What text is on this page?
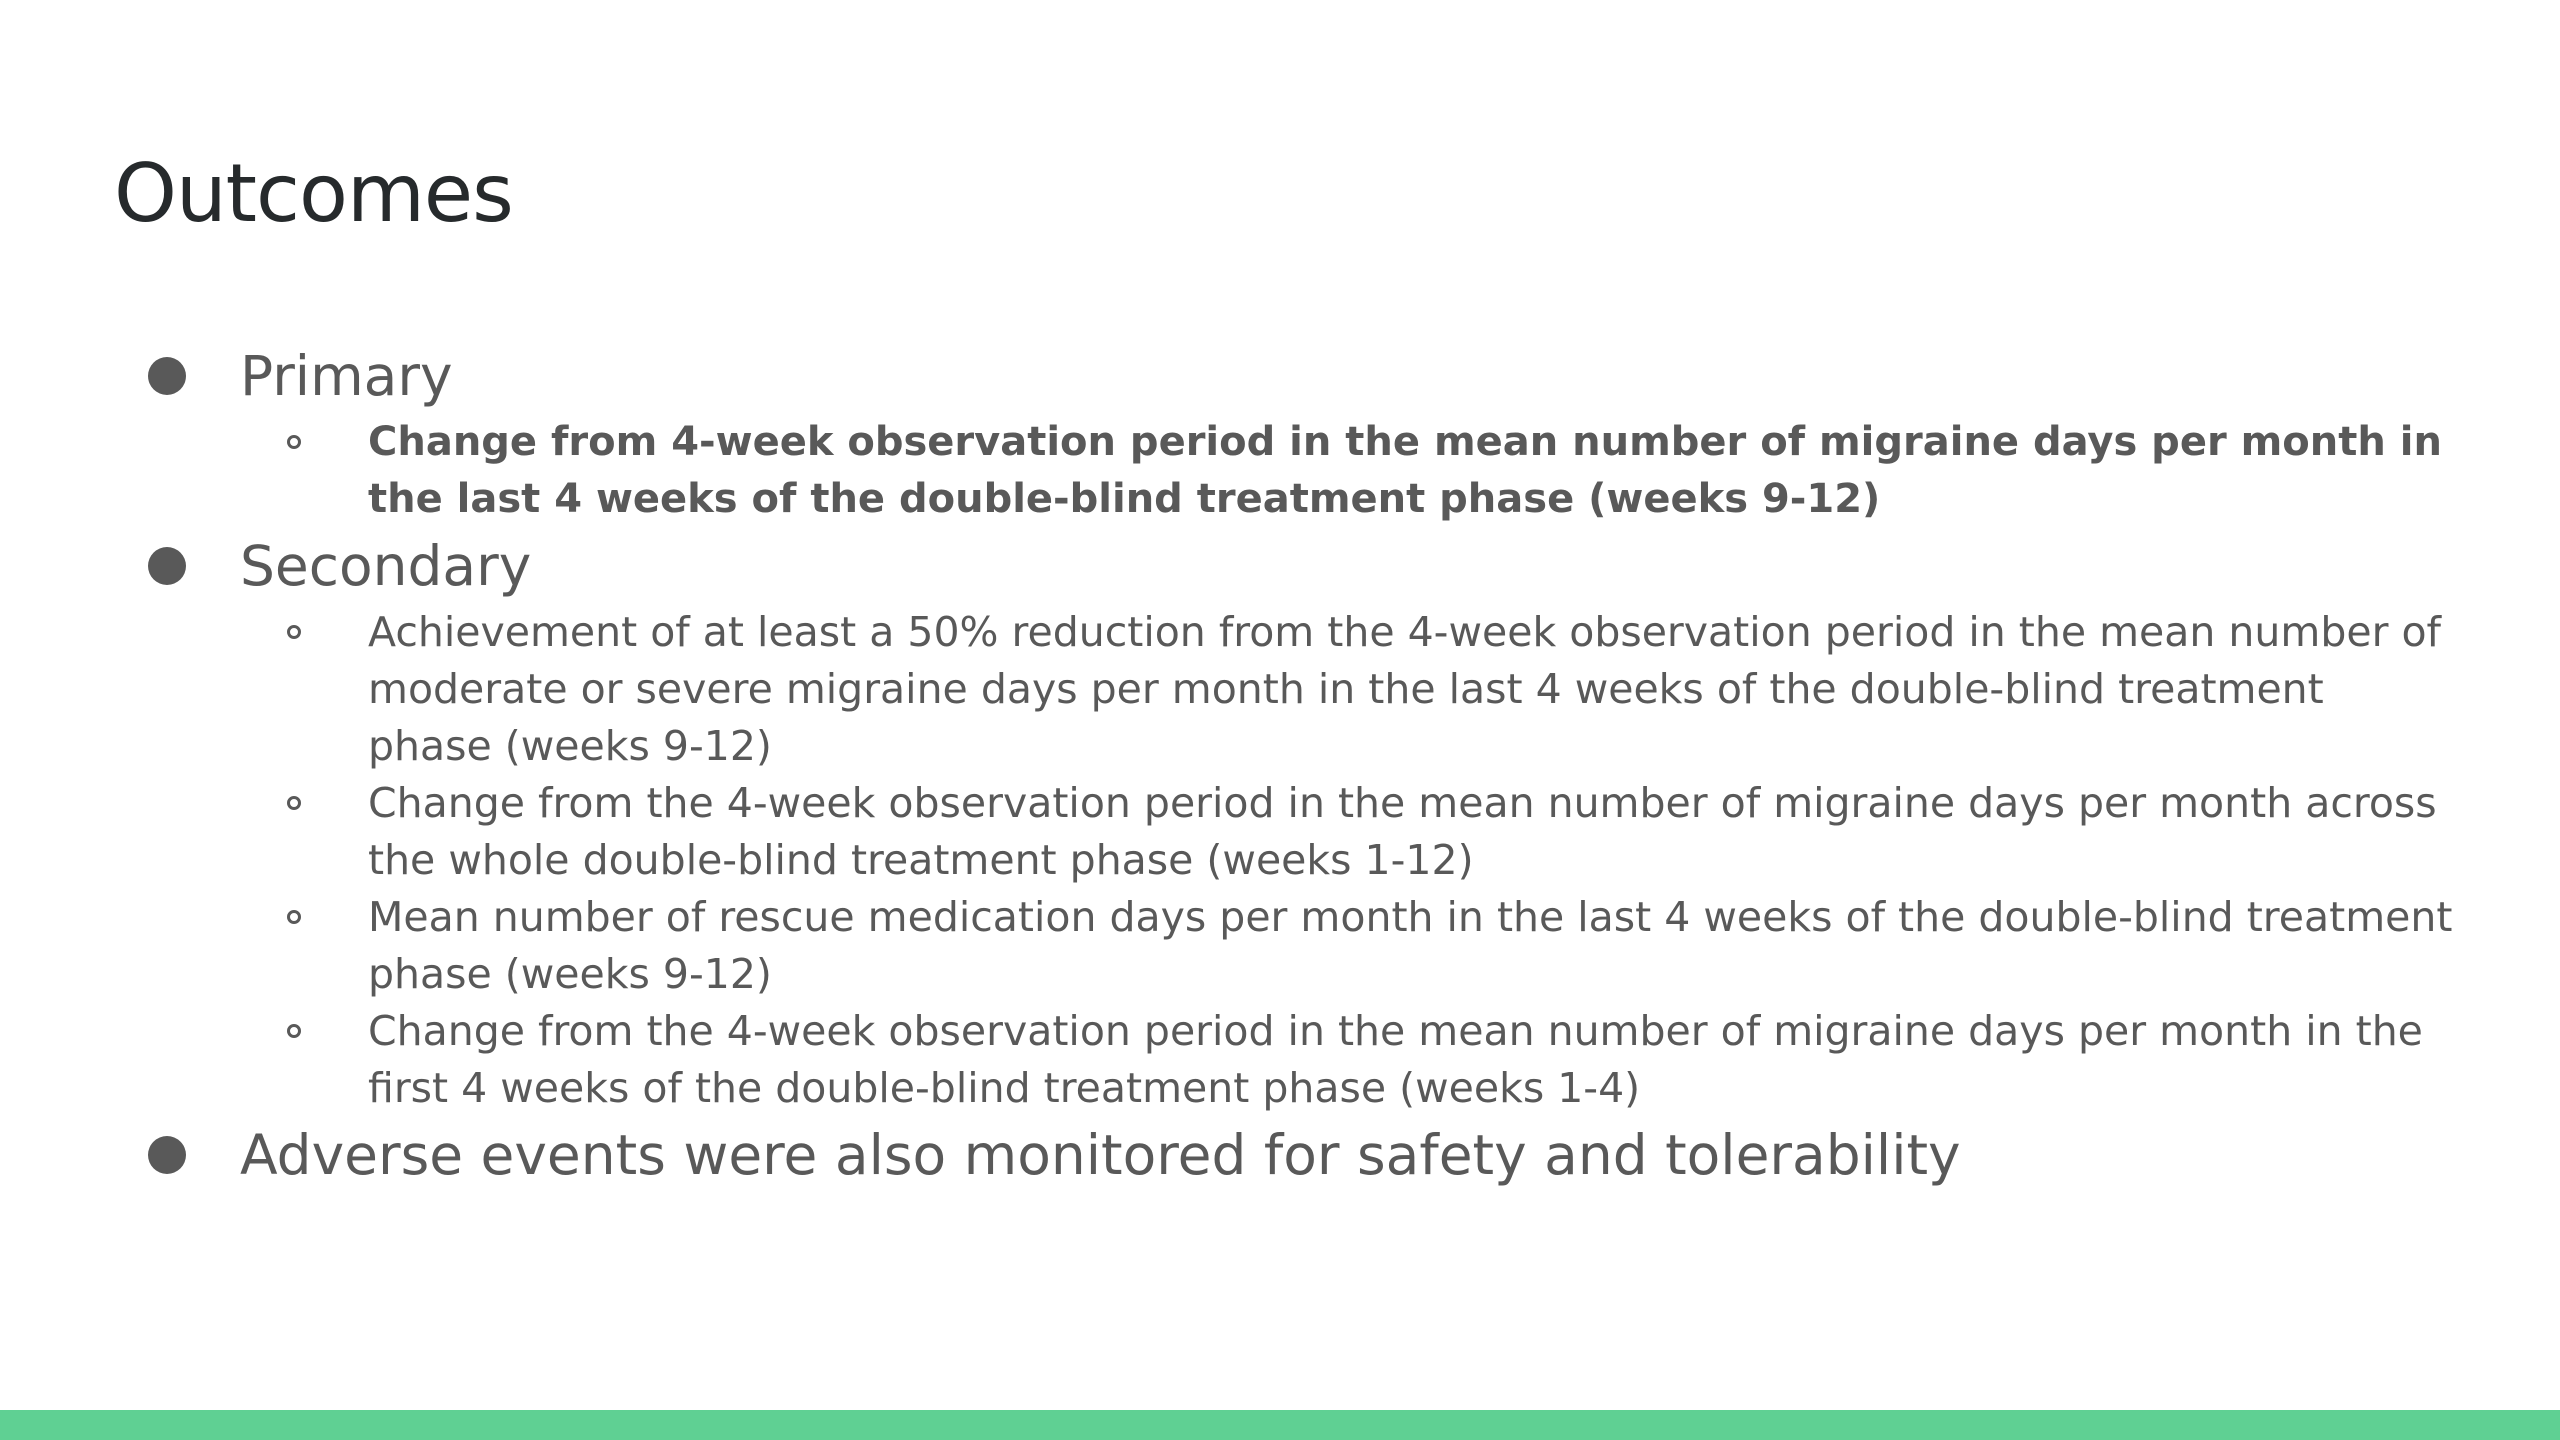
Outcomes
Primary
Change from 4-week observation period in the mean number of migraine days per month in the last 4 weeks of the double-blind treatment phase (weeks 9-12)
Secondary
Achievement of at least a 50% reduction from the 4-week observation period in the mean number of moderate or severe migraine days per month in the last 4 weeks of the double-blind treatment phase (weeks 9-12)
Change from the 4-week observation period in the mean number of migraine days per month across the whole double-blind treatment phase (weeks 1-12)
Mean number of rescue medication days per month in the last 4 weeks of the double-blind treatment phase (weeks 9-12)
Change from the 4-week observation period in the mean number of migraine days per month in the first 4 weeks of the double-blind treatment phase (weeks 1-4)
Adverse events were also monitored for safety and tolerability
